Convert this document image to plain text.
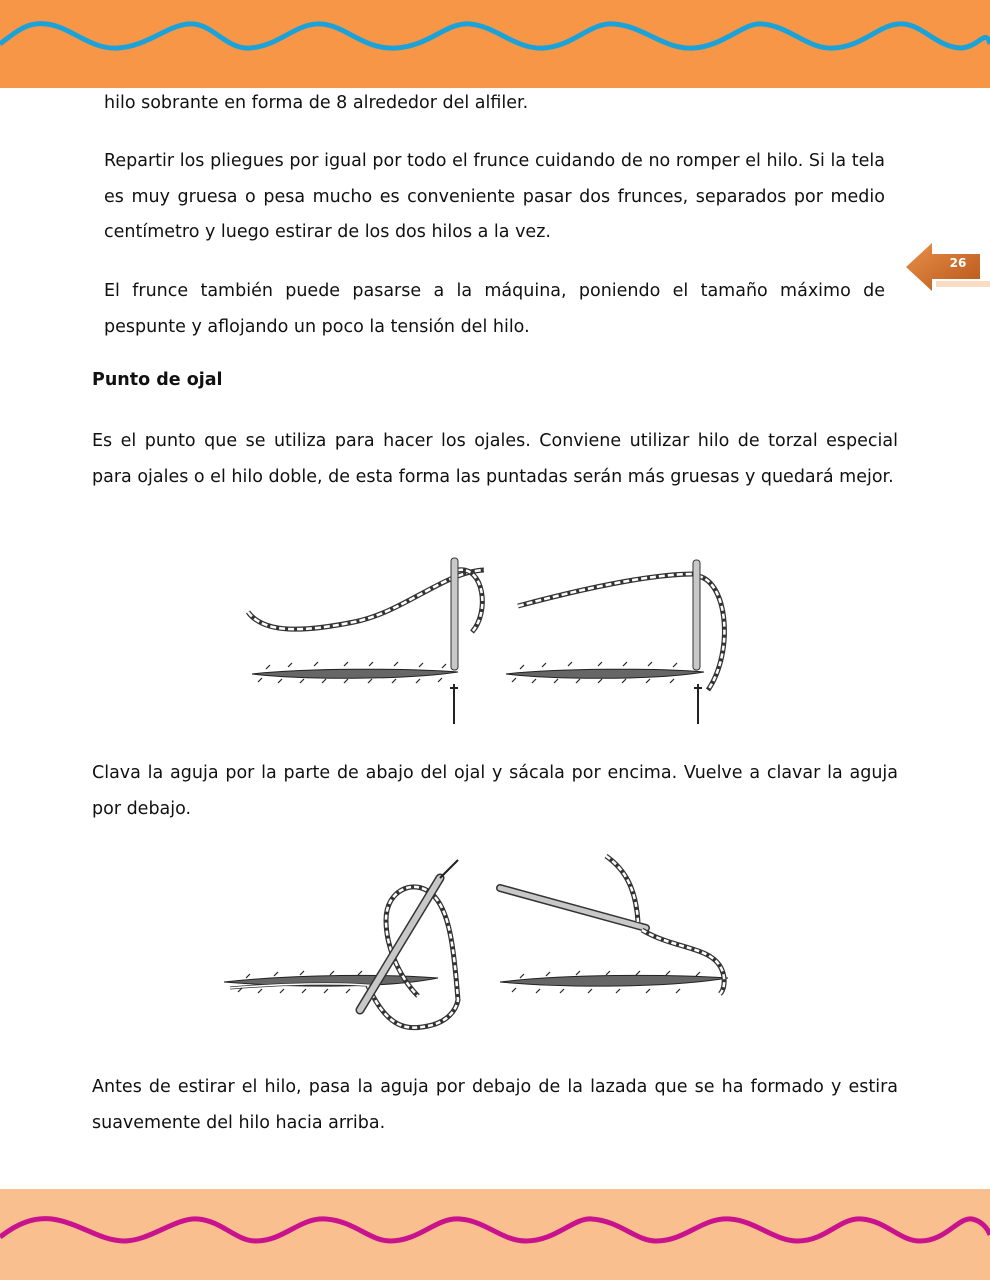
26

hilo sobrante en forma de 8 alrededor del alfiler.

Repartir los pliegues por igual por todo el frunce cuidando de no romper el hilo. Si la tela es muy gruesa o pesa mucho es conveniente pasar dos frunces, separados por medio centímetro y luego estirar de los dos hilos a la vez.

El frunce también puede pasarse a la máquina, poniendo el tamaño máximo de pespunte y aflojando un poco la tensión del hilo.

Punto de ojal

Es el punto que se utiliza para hacer los ojales. Conviene utilizar hilo de torzal especial para ojales o el hilo doble, de esta forma las puntadas serán más gruesas y quedará mejor.

Clava la aguja por la parte de abajo del ojal y sácala por encima. Vuelve a clavar la aguja por debajo.

Antes de estirar el hilo, pasa la aguja por debajo de la lazada que se ha formado y estira suavemente del hilo hacia arriba.
